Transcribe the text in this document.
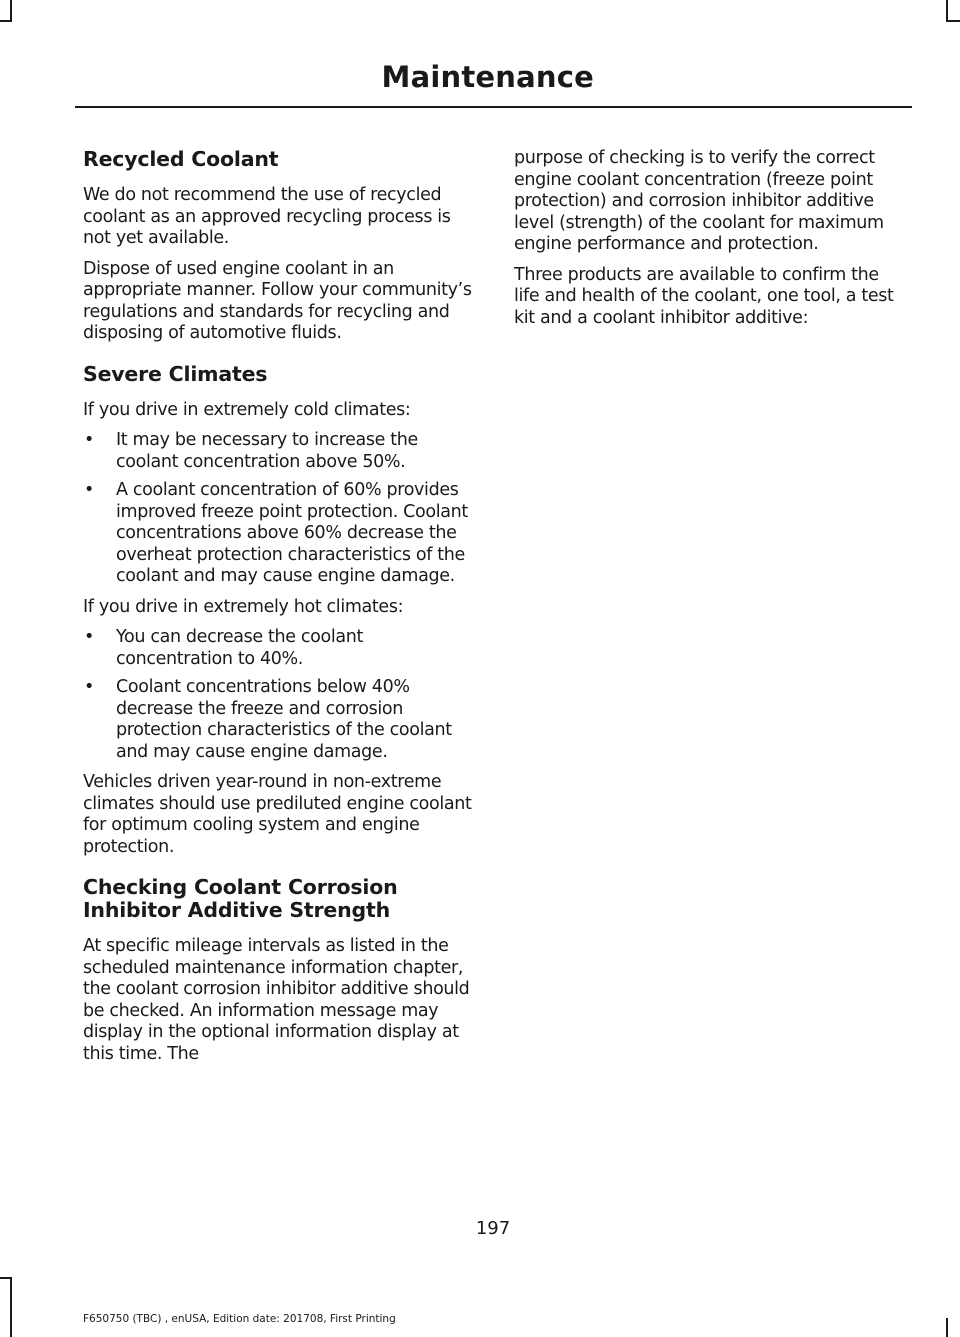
Maintenance
Recycled Coolant

We do not recommend the use of recycled coolant as an approved recycling process is not yet available.

Dispose of used engine coolant in an appropriate manner. Follow your community’s regulations and standards for recycling and disposing of automotive fluids.

Severe Climates

If you drive in extremely cold climates:

• It may be necessary to increase the coolant concentration above 50%.
• A coolant concentration of 60% provides improved freeze point protection. Coolant concentrations above 60% decrease the overheat protection characteristics of the coolant and may cause engine damage.

If you drive in extremely hot climates:

• You can decrease the coolant concentration to 40%.
• Coolant concentrations below 40% decrease the freeze and corrosion protection characteristics of the coolant and may cause engine damage.

Vehicles driven year-round in non-extreme climates should use prediluted engine coolant for optimum cooling system and engine protection.

Checking Coolant Corrosion Inhibitor Additive Strength

At specific mileage intervals as listed in the scheduled maintenance information chapter, the coolant corrosion inhibitor additive should be checked. An information message may display in the optional information display at this time. The

purpose of checking is to verify the correct engine coolant concentration (freeze point protection) and corrosion inhibitor additive level (strength) of the coolant for maximum engine performance and protection.

Three products are available to confirm the life and health of the coolant, one tool, a test kit and a coolant inhibitor additive:

197

F650750 (TBC) , enUSA, Edition date: 201708, First Printing
